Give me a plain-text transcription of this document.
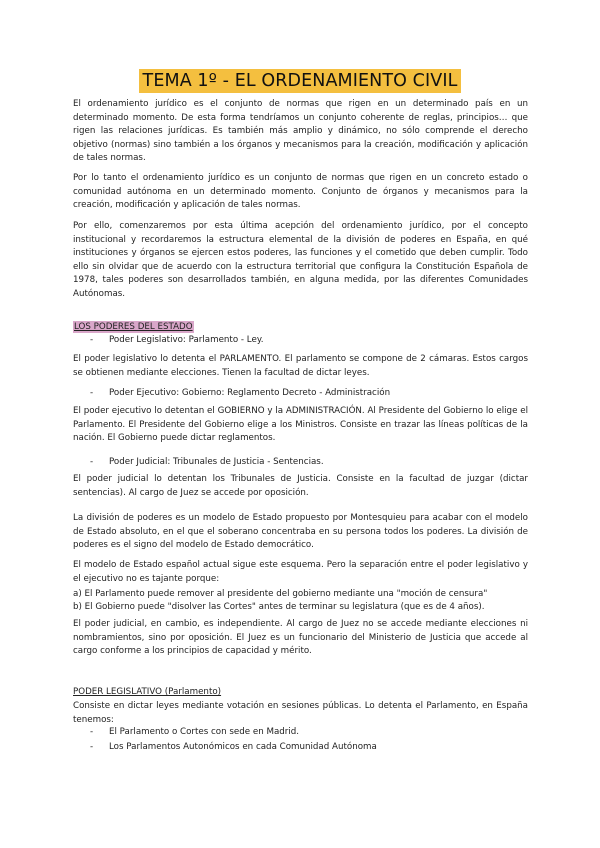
TEMA 1º - EL ORDENAMIENTO CIVIL

El ordenamiento jurídico es el conjunto de normas que rigen en un determinado país en un determinado momento. De esta forma tendríamos un conjunto coherente de reglas, principios… que rigen las relaciones jurídicas. Es también más amplio y dinámico, no sólo comprende el derecho objetivo (normas) sino también a los órganos y mecanismos para la creación, modificación y aplicación de tales normas.

Por lo tanto el ordenamiento jurídico es un conjunto de normas que rigen en un concreto estado o comunidad autónoma en un determinado momento. Conjunto de órganos y mecanismos para la creación, modificación y aplicación de tales normas.

Por ello, comenzaremos por esta última acepción del ordenamiento jurídico, por el concepto institucional y recordaremos la estructura elemental de la división de poderes en España, en qué instituciones y órganos se ejercen estos poderes, las funciones y el cometido que deben cumplir. Todo ello sin olvidar que de acuerdo con la estructura territorial que configura la Constitución Española de 1978, tales poderes son desarrollados también, en alguna medida, por las diferentes Comunidades Autónomas.

LOS PODERES DEL ESTADO
- Poder Legislativo: Parlamento - Ley.

El poder legislativo lo detenta el PARLAMENTO. El parlamento se compone de 2 cámaras. Estos cargos se obtienen mediante elecciones. Tienen la facultad de dictar leyes.

- Poder Ejecutivo: Gobierno: Reglamento Decreto - Administración

El poder ejecutivo lo detentan el GOBIERNO y la ADMINISTRACIÓN. Al Presidente del Gobierno lo elige el Parlamento. El Presidente del Gobierno elige a los Ministros. Consiste en trazar las líneas políticas de la nación. El Gobierno puede dictar reglamentos.

- Poder Judicial: Tribunales de Justicia - Sentencias.

El poder judicial lo detentan los Tribunales de Justicia. Consiste en la facultad de juzgar (dictar sentencias). Al cargo de Juez se accede por oposición.

La división de poderes es un modelo de Estado propuesto por Montesquieu para acabar con el modelo de Estado absoluto, en el que el soberano concentraba en su persona todos los poderes. La división de poderes es el signo del modelo de Estado democrático.

El modelo de Estado español actual sigue este esquema. Pero la separación entre el poder legislativo y el ejecutivo no es tajante porque:

a) El Parlamento puede remover al presidente del gobierno mediante una "moción de censura"

b) El Gobierno puede "disolver las Cortes" antes de terminar su legislatura (que es de 4 años).

El poder judicial, en cambio, es independiente. Al cargo de Juez no se accede mediante elecciones ni nombramientos, sino por oposición. El Juez es un funcionario del Ministerio de Justicia que accede al cargo conforme a los principios de capacidad y mérito.

PODER LEGISLATIVO (Parlamento)

Consiste en dictar leyes mediante votación en sesiones públicas. Lo detenta el Parlamento, en España tenemos:

- El Parlamento o Cortes con sede en Madrid.
- Los Parlamentos Autonómicos en cada Comunidad Autónoma
